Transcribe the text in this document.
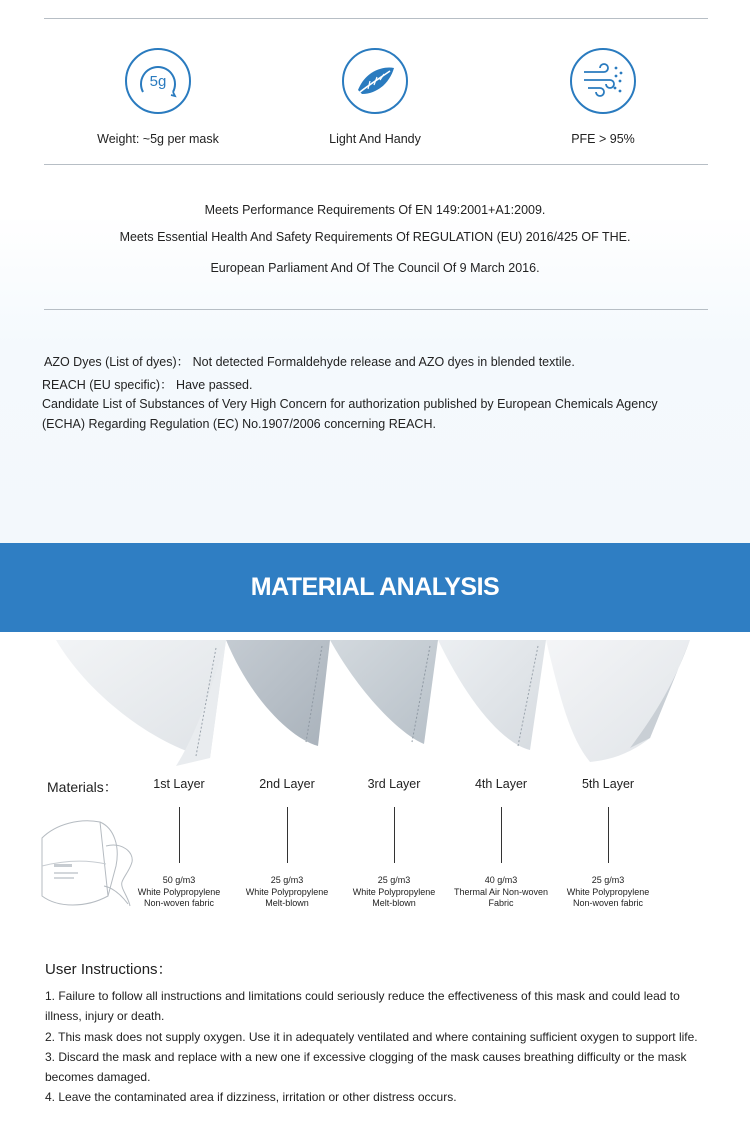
5g
Weight: ~5g per mask	Light And Handy	PFE > 95%
Meets Performance Requirements Of EN 149:2001+A1:2009.
Meets Essential Health And Safety Requirements Of REGULATION (EU) 2016/425 OF THE.
European Parliament And Of The Council Of 9 March 2016.
AZO Dyes (List of dyes)： Not detected Formaldehyde release and AZO dyes in blended textile.
REACH (EU specific)： Have passed.
Candidate List of Substances of Very High Concern for authorization published by European Chemicals Agency (ECHA) Regarding Regulation (EC) No.1907/2006 concerning REACH.
MATERIAL ANALYSIS
Materials：	1st Layer
50 g/m3
White Polypropylene
Non-woven fabric
2nd Layer
25 g/m3
White Polypropylene
Melt-blown
3rd Layer
25 g/m3
White Polypropylene
Melt-blown
4th Layer
40 g/m3
Thermal Air Non-woven
Fabric
5th Layer
25 g/m3
White Polypropylene
Non-woven fabric
User Instructions：

1. Failure to follow all instructions and limitations could seriously reduce the effectiveness of this mask and could lead to illness, injury or death.

2. This mask does not supply oxygen. Use it in adequately ventilated and where containing sufficient oxygen to support life.

3. Discard the mask and replace with a new one if excessive clogging of the mask causes breathing difficulty or the mask becomes damaged.

4. Leave the contaminated area if dizziness, irritation or other distress occurs.
